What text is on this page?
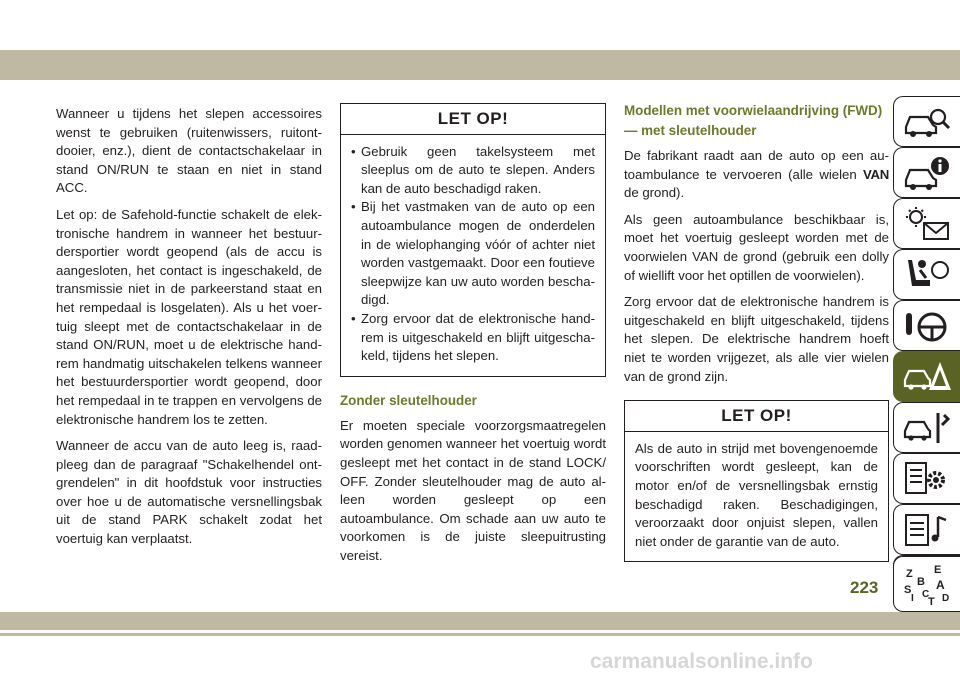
Wanneer u tijdens het slepen accessoires wenst te gebruiken (ruitenwissers, ruitontdooier, enz.), dient de contactschakelaar in stand ON/RUN te staan en niet in stand ACC.

Let op: de Safehold-functie schakelt de elektronische handrem in wanneer het bestuurdersportier wordt geopend (als de accu is aangesloten, het contact is ingeschakeld, de transmissie niet in de parkeerstand staat en het rempedaal is losgelaten). Als u het voertuig sleept met de contactschakelaar in de stand ON/RUN, moet u de elektrische handrem handmatig uitschakelen telkens wanneer het bestuurdersportier wordt geopend, door het rempedaal in te trappen en vervolgens de elektronische handrem los te zetten.

Wanneer de accu van de auto leeg is, raadpleeg dan de paragraaf "Schakelhendel ontgrendelen" in dit hoofdstuk voor instructies over hoe u de automatische versnellingsbak uit de stand PARK schakelt zodat het voertuig kan verplaatst.

LET OP!
• Gebruik geen takelsysteem met sleeplus om de auto te slepen. Anders kan de auto beschadigd raken.
• Bij het vastmaken van de auto op een autoambulance mogen de onderdelen in de wielophanging vóór of achter niet worden vastgemaakt. Door een foutieve sleepwijze kan uw auto worden beschadigd.
• Zorg ervoor dat de elektronische handrem is uitgeschakeld en blijft uitgeschakeld, tijdens het slepen.
Zonder sleutelhouder

Er moeten speciale voorzorgsmaatregelen worden genomen wanneer het voertuig wordt gesleept met het contact in de stand LOCK/ OFF. Zonder sleutelhouder mag de auto alleen worden gesleept op een autoambulance. Om schade aan uw auto te voorkomen is de juiste sleepuitrusting vereist.

Modellen met voorwielaandrijving (FWD) — met sleutelhouder

De fabrikant raadt aan de auto op een autoambulance te vervoeren (alle wielen VAN de grond).

Als geen autoambulance beschikbaar is, moet het voertuig gesleept worden met de voorwielen VAN de grond (gebruik een dolly of wiellift voor het optillen de voorwielen).

Zorg ervoor dat de elektronische handrem is uitgeschakeld en blijft uitgeschakeld, tijdens het slepen. De elektrische handrem hoeft niet te worden vrijgezet, als alle vier wielen van de grond zijn.

LET OP!
Als de auto in strijd met bovengenoemde voorschriften wordt gesleept, kan de motor en/of de versnellingsbak ernstig beschadigd raken. Beschadigingen, veroorzaakt door onjuist slepen, vallen niet onder de garantie van de auto.
Z E
B
S A
I C
T D
223
carmanualsonline.info
